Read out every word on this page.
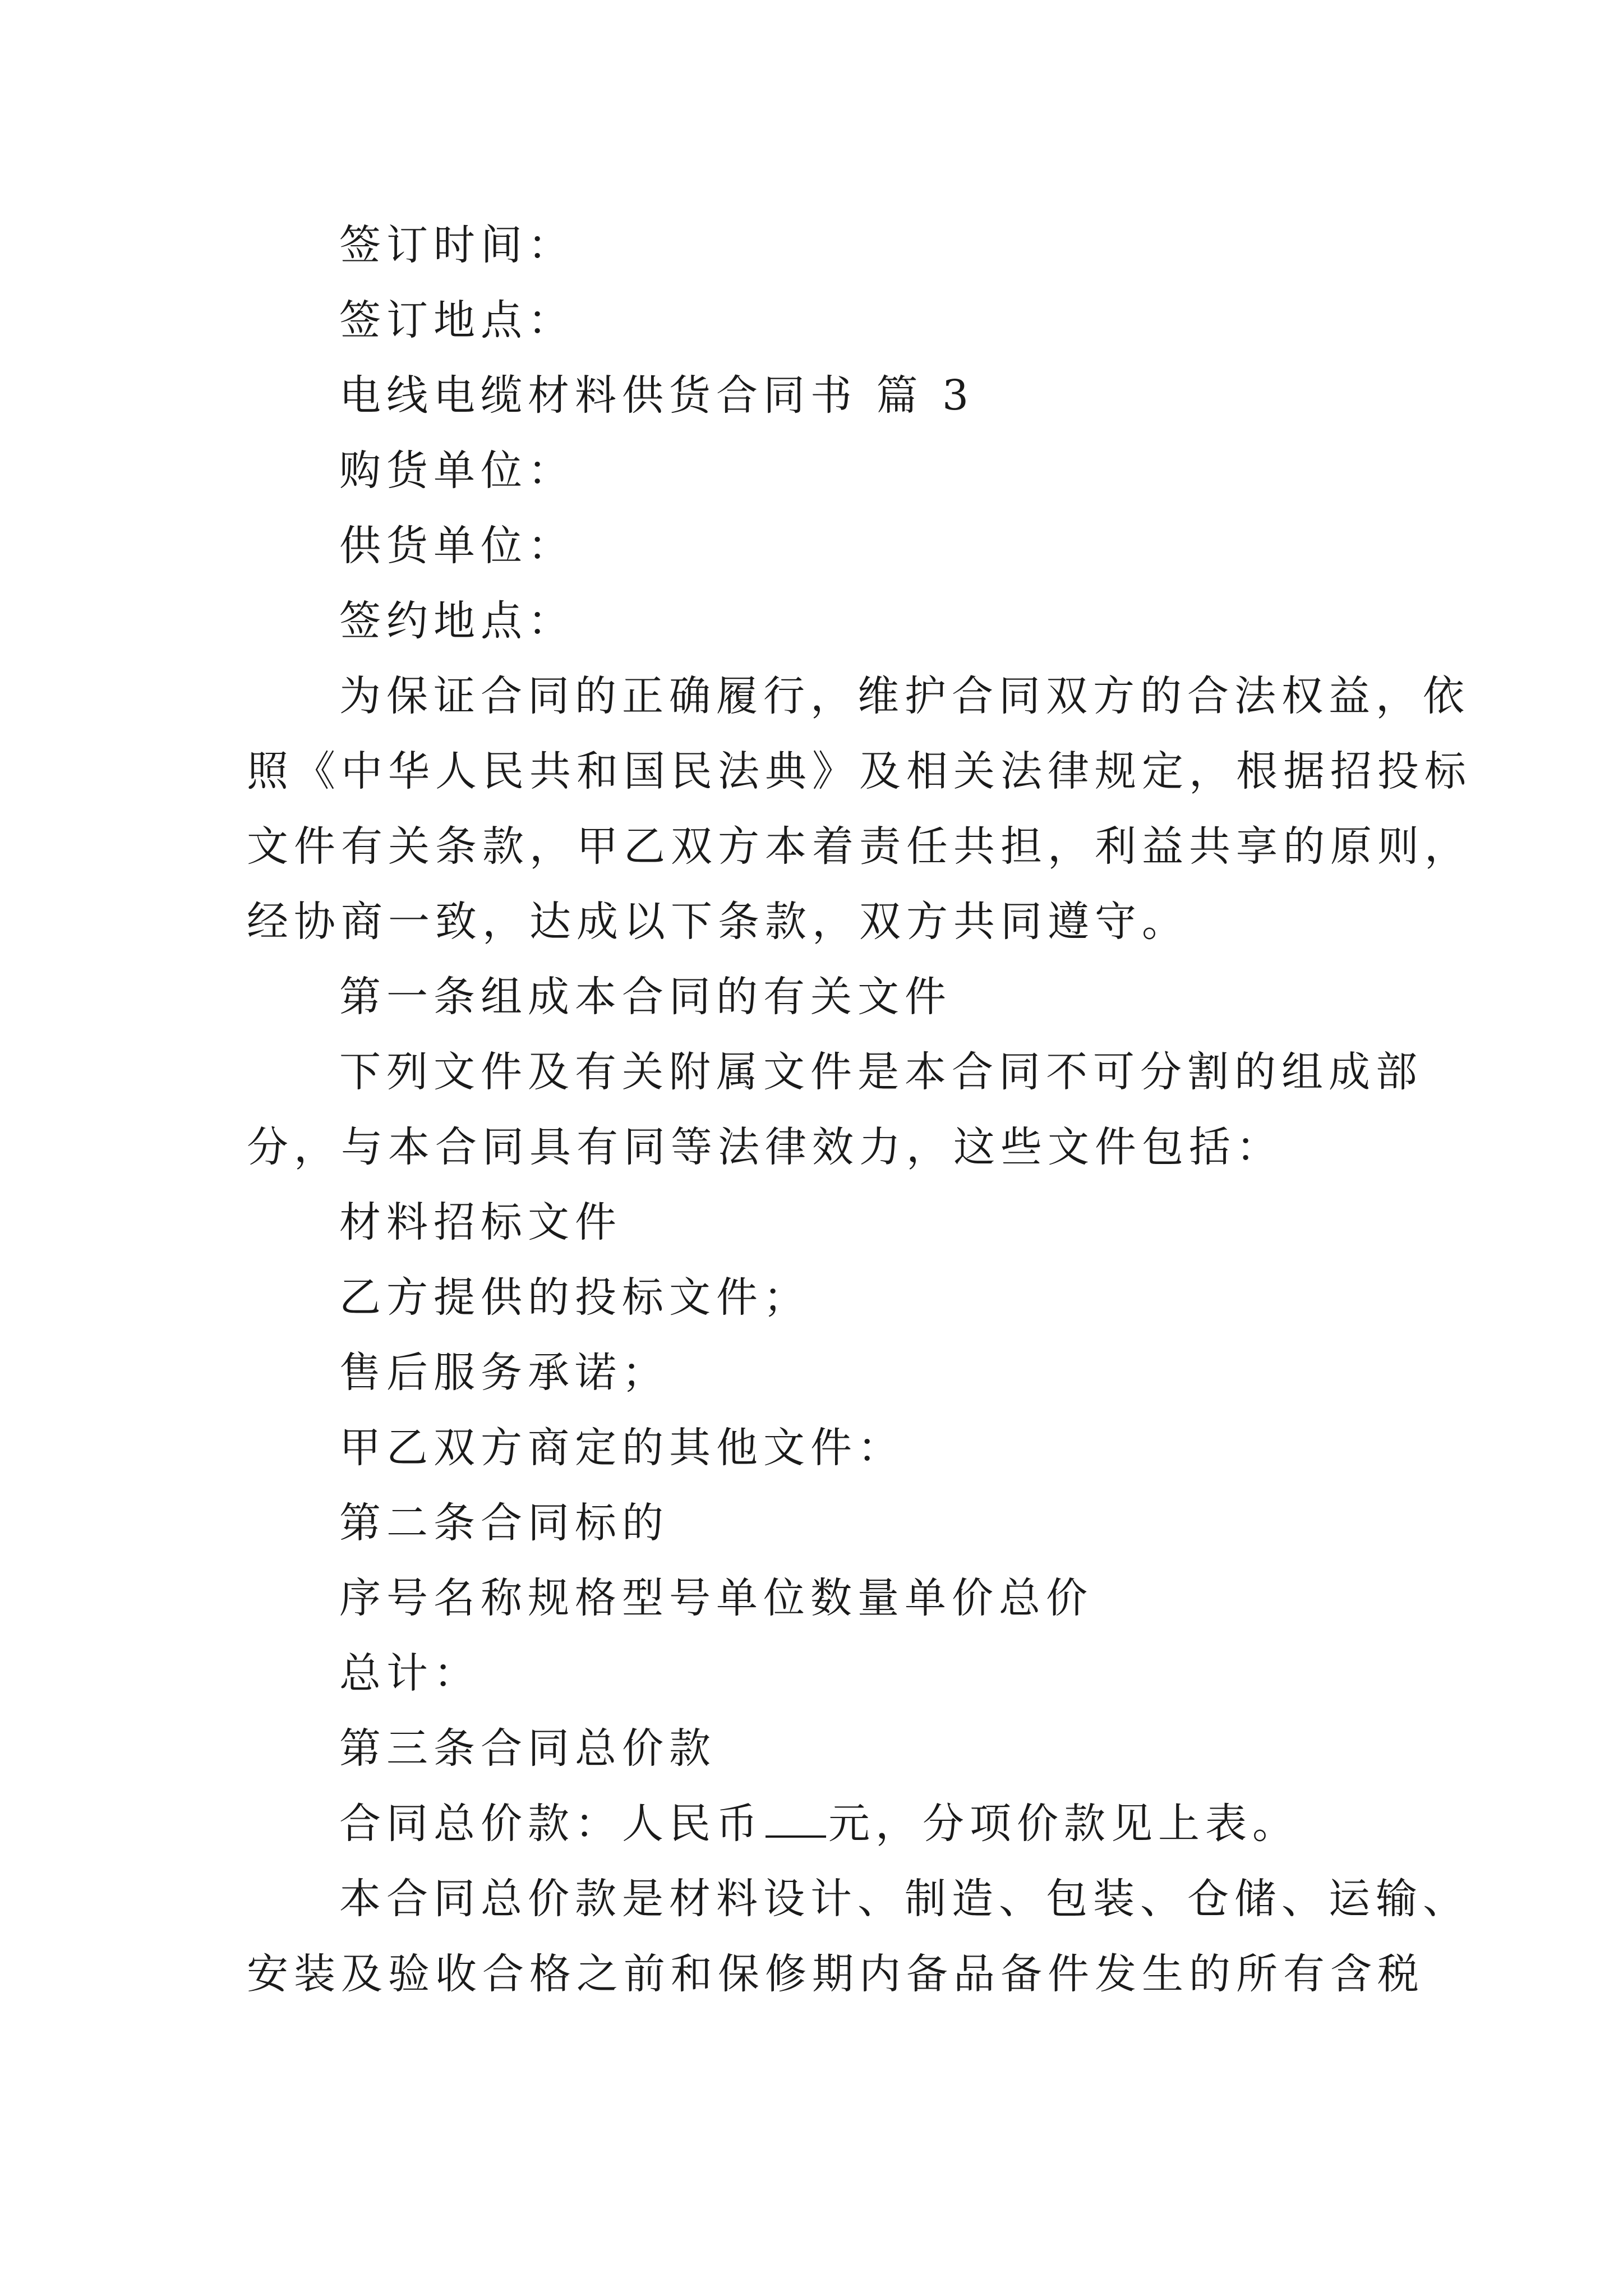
签订时间：
签订地点：
电线电缆材料供货合同书 篇 3
购货单位：
供货单位：
签约地点：
为保证合同的正确履行，维护合同双方的合法权益，依
照《中华人民共和国民法典》及相关法律规定，根据招投标
文件有关条款，甲乙双方本着责任共担，利益共享的原则，
经协商一致，达成以下条款，双方共同遵守。
第一条组成本合同的有关文件
下列文件及有关附属文件是本合同不可分割的组成部
分，与本合同具有同等法律效力，这些文件包括：
材料招标文件
乙方提供的投标文件；
售后服务承诺；
甲乙双方商定的其他文件：
第二条合同标的
序号名称规格型号单位数量单价总价
总计：
第三条合同总价款
合同总价款：人民币 元，分项价款见上表。
本合同总价款是材料设计、制造、包装、仓储、运输、
安装及验收合格之前和保修期内备品备件发生的所有含税
